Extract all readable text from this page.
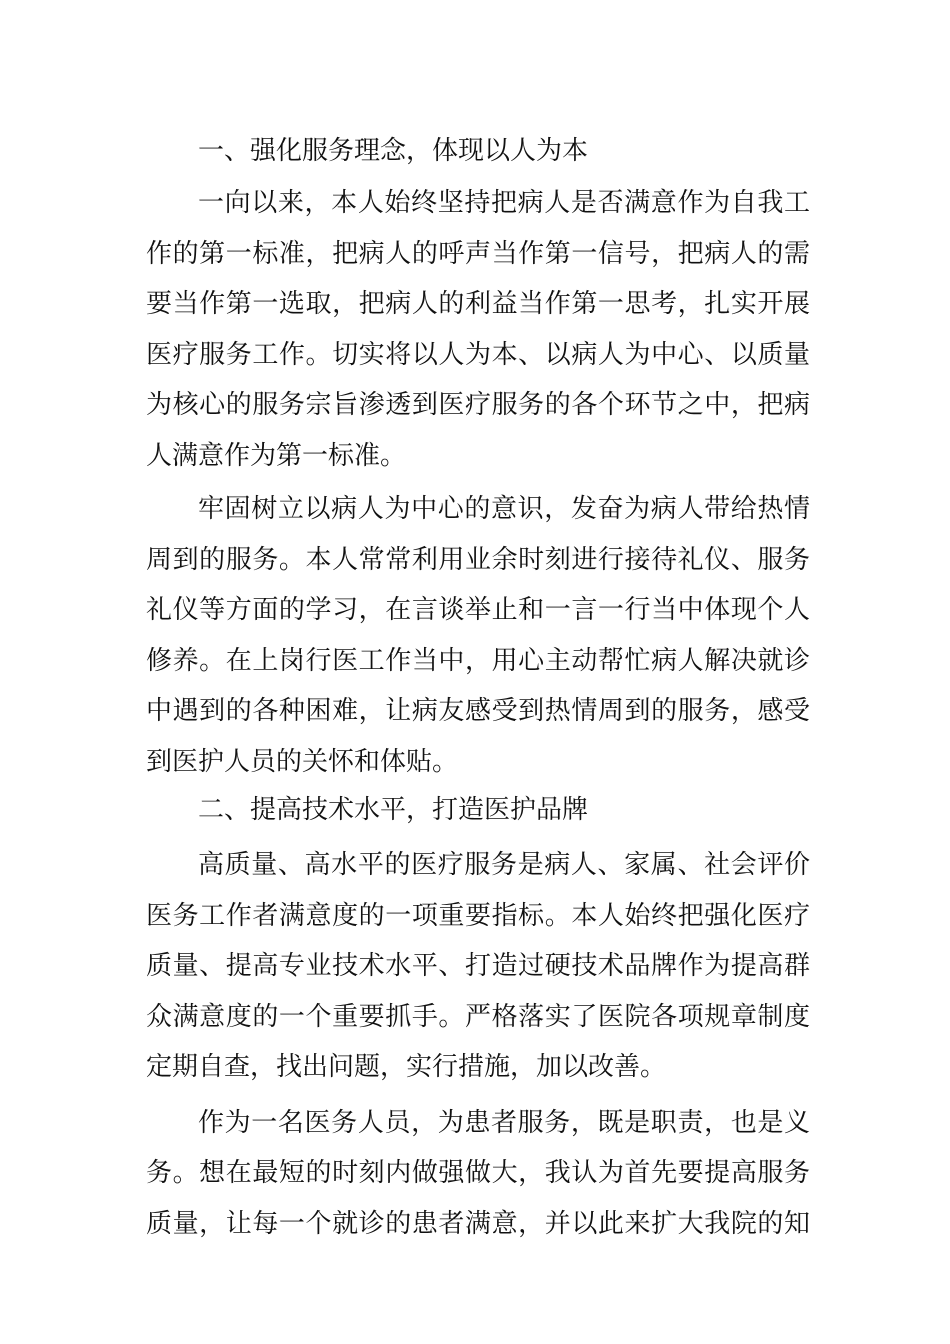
一、强化服务理念，体现以人为本

一向以来，本人始终坚持把病人是否满意作为自我工
作的第一标准，把病人的呼声当作第一信号，把病人的需
要当作第一选取，把病人的利益当作第一思考，扎实开展
医疗服务工作。切实将以人为本、以病人为中心、以质量
为核心的服务宗旨渗透到医疗服务的各个环节之中，把病
人满意作为第一标准。
牢固树立以病人为中心的意识，发奋为病人带给热情
周到的服务。本人常常利用业余时刻进行接待礼仪、服务
礼仪等方面的学习，在言谈举止和一言一行当中体现个人
修养。在上岗行医工作当中，用心主动帮忙病人解决就诊
中遇到的各种困难，让病友感受到热情周到的服务，感受
到医护人员的关怀和体贴。

二、提高技术水平，打造医护品牌

高质量、高水平的医疗服务是病人、家属、社会评价
医务工作者满意度的一项重要指标。本人始终把强化医疗
质量、提高专业技术水平、打造过硬技术品牌作为提高群
众满意度的一个重要抓手。严格落实了医院各项规章制度
定期自查，找出问题，实行措施，加以改善。
作为一名医务人员，为患者服务，既是职责，也是义
务。想在最短的时刻内做强做大，我认为首先要提高服务
质量，让每一个就诊的患者满意，并以此来扩大我院的知
